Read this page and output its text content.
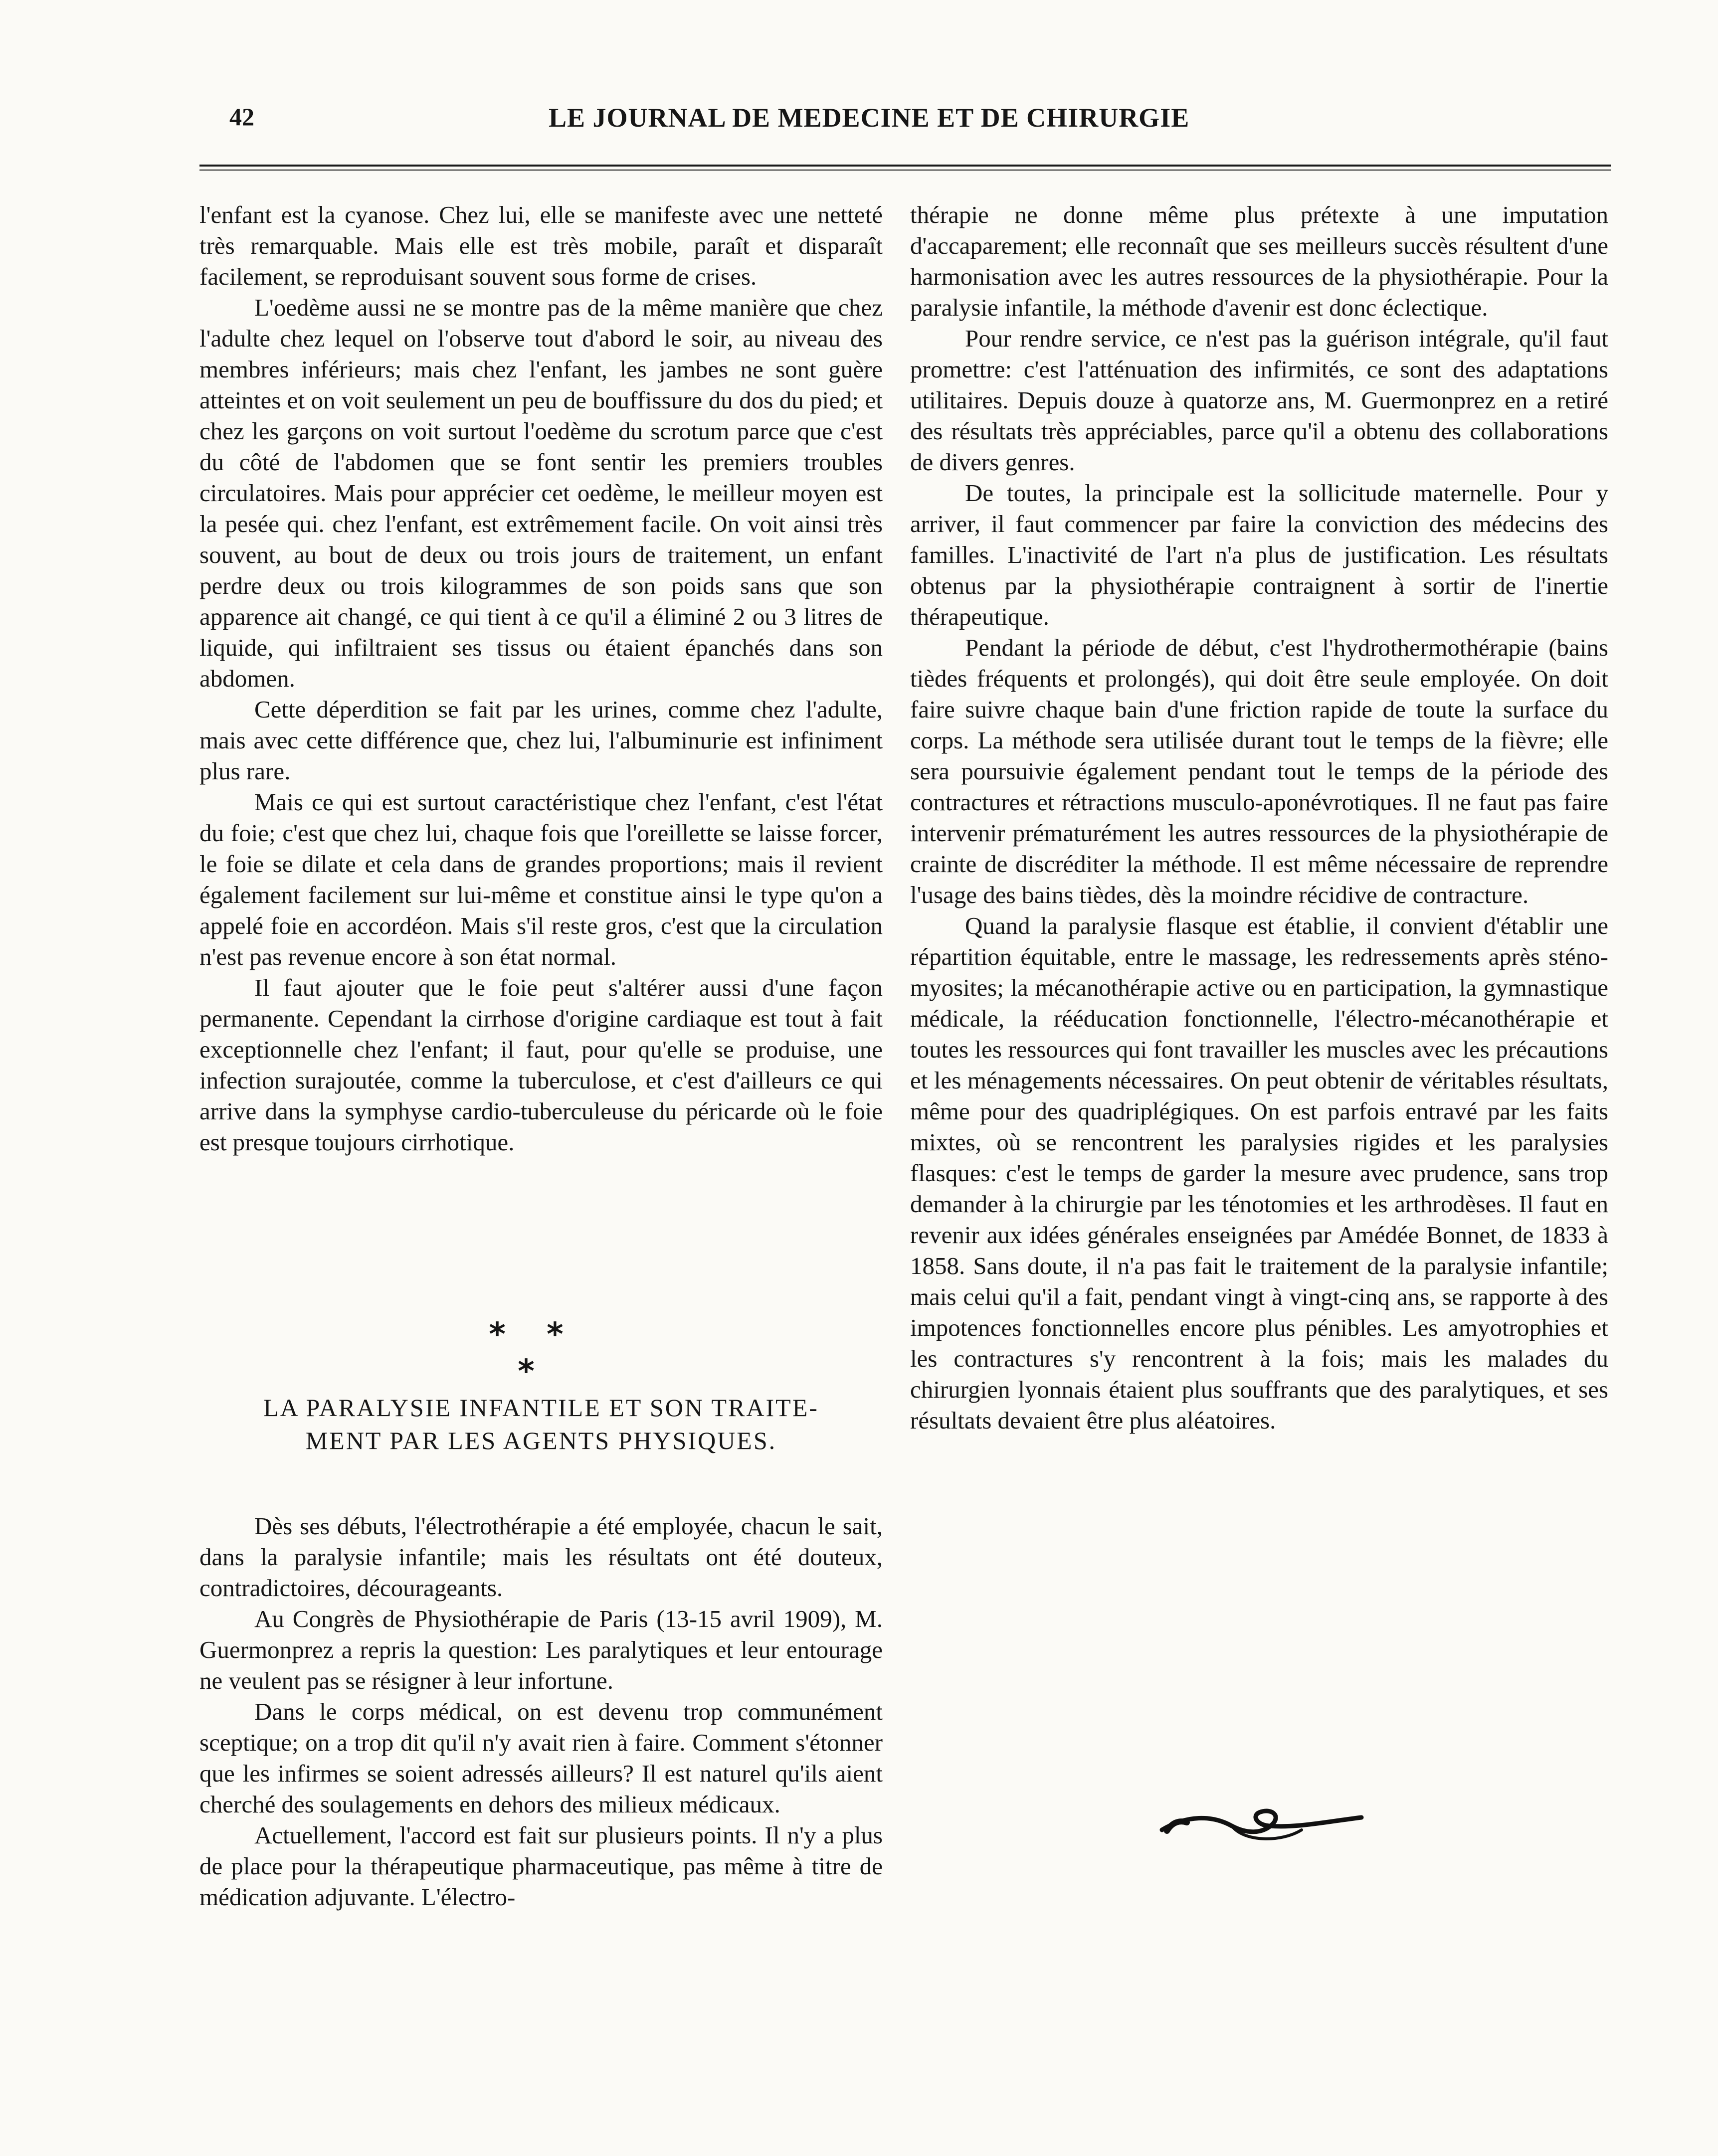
42	LE JOURNAL DE MEDECINE ET DE CHIRURGIE

l'enfant est la cyanose. Chez lui, elle se manifeste avec une netteté très remarquable. Mais elle est très mobile, paraît et disparaît facilement, se reproduisant souvent sous forme de crises.

L'oedème aussi ne se montre pas de la même manière que chez l'adulte chez lequel on l'observe tout d'abord le soir, au niveau des membres inférieurs; mais chez l'enfant, les jambes ne sont guère atteintes et on voit seulement un peu de bouffissure du dos du pied; et chez les garçons on voit surtout l'oedème du scrotum parce que c'est du côté de l'abdomen que se font sentir les premiers troubles circulatoires. Mais pour apprécier cet oedème, le meilleur moyen est la pesée qui. chez l'enfant, est extrêmement facile. On voit ainsi très souvent, au bout de deux ou trois jours de traitement, un enfant perdre deux ou trois kilogrammes de son poids sans que son apparence ait changé, ce qui tient à ce qu'il a éliminé 2 ou 3 litres de liquide, qui infiltraient ses tissus ou étaient épanchés dans son abdomen.

Cette déperdition se fait par les urines, comme chez l'adulte, mais avec cette différence que, chez lui, l'albuminurie est infiniment plus rare.

Mais ce qui est surtout caractéristique chez l'enfant, c'est l'état du foie; c'est que chez lui, chaque fois que l'oreillette se laisse forcer, le foie se dilate et cela dans de grandes proportions; mais il revient également facilement sur lui-même et constitue ainsi le type qu'on a appelé foie en accordéon. Mais s'il reste gros, c'est que la circulation n'est pas revenue encore à son état normal.

Il faut ajouter que le foie peut s'altérer aussi d'une façon permanente. Cependant la cirrhose d'origine cardiaque est tout à fait exceptionnelle chez l'enfant; il faut, pour qu'elle se produise, une infection surajoutée, comme la tuberculose, et c'est d'ailleurs ce qui arrive dans la symphyse cardio-tuberculeuse du péricarde où le foie est presque toujours cirrhotique.

* * *
LA PARALYSIE INFANTILE ET SON TRAITE-
MENT PAR LES AGENTS PHYSIQUES.

Dès ses débuts, l'électrothérapie a été employée, chacun le sait, dans la paralysie infantile; mais les résultats ont été douteux, contradictoires, décourageants.

Au Congrès de Physiothérapie de Paris (13-15 avril 1909), M. Guermonprez a repris la question: Les paralytiques et leur entourage ne veulent pas se résigner à leur infortune.

Dans le corps médical, on est devenu trop communément sceptique; on a trop dit qu'il n'y avait rien à faire. Comment s'étonner que les infirmes se soient adressés ailleurs? Il est naturel qu'ils aient cherché des soulagements en dehors des milieux médicaux.

Actuellement, l'accord est fait sur plusieurs points. Il n'y a plus de place pour la thérapeutique pharmaceutique, pas même à titre de médication adjuvante. L'électro-

thérapie ne donne même plus prétexte à une imputation d'accaparement; elle reconnaît que ses meilleurs succès résultent d'une harmonisation avec les autres ressources de la physiothérapie. Pour la paralysie infantile, la méthode d'avenir est donc éclectique.

Pour rendre service, ce n'est pas la guérison intégrale, qu'il faut promettre: c'est l'atténuation des infirmités, ce sont des adaptations utilitaires. Depuis douze à quatorze ans, M. Guermonprez en a retiré des résultats très appréciables, parce qu'il a obtenu des collaborations de divers genres.

De toutes, la principale est la sollicitude maternelle. Pour y arriver, il faut commencer par faire la conviction des médecins des familles. L'inactivité de l'art n'a plus de justification. Les résultats obtenus par la physiothérapie contraignent à sortir de l'inertie thérapeutique.

Pendant la période de début, c'est l'hydrothermothérapie (bains tièdes fréquents et prolongés), qui doit être seule employée. On doit faire suivre chaque bain d'une friction rapide de toute la surface du corps. La méthode sera utilisée durant tout le temps de la fièvre; elle sera poursuivie également pendant tout le temps de la période des contractures et rétractions musculo-aponévrotiques. Il ne faut pas faire intervenir prématurément les autres ressources de la physiothérapie de crainte de discréditer la méthode. Il est même nécessaire de reprendre l'usage des bains tièdes, dès la moindre récidive de contracture.

Quand la paralysie flasque est établie, il convient d'établir une répartition équitable, entre le massage, les redressements après sténo-myosites; la mécanothérapie active ou en participation, la gymnastique médicale, la rééducation fonctionnelle, l'électro-mécanothérapie et toutes les ressources qui font travailler les muscles avec les précautions et les ménagements nécessaires. On peut obtenir de véritables résultats, même pour des quadriplégiques. On est parfois entravé par les faits mixtes, où se rencontrent les paralysies rigides et les paralysies flasques: c'est le temps de garder la mesure avec prudence, sans trop demander à la chirurgie par les ténotomies et les arthrodèses. Il faut en revenir aux idées générales enseignées par Amédée Bonnet, de 1833 à 1858. Sans doute, il n'a pas fait le traitement de la paralysie infantile; mais celui qu'il a fait, pendant vingt à vingt-cinq ans, se rapporte à des impotences fonctionnelles encore plus pénibles. Les amyotrophies et les contractures s'y rencontrent à la fois; mais les malades du chirurgien lyonnais étaient plus souffrants que des paralytiques, et ses résultats devaient être plus aléatoires.
